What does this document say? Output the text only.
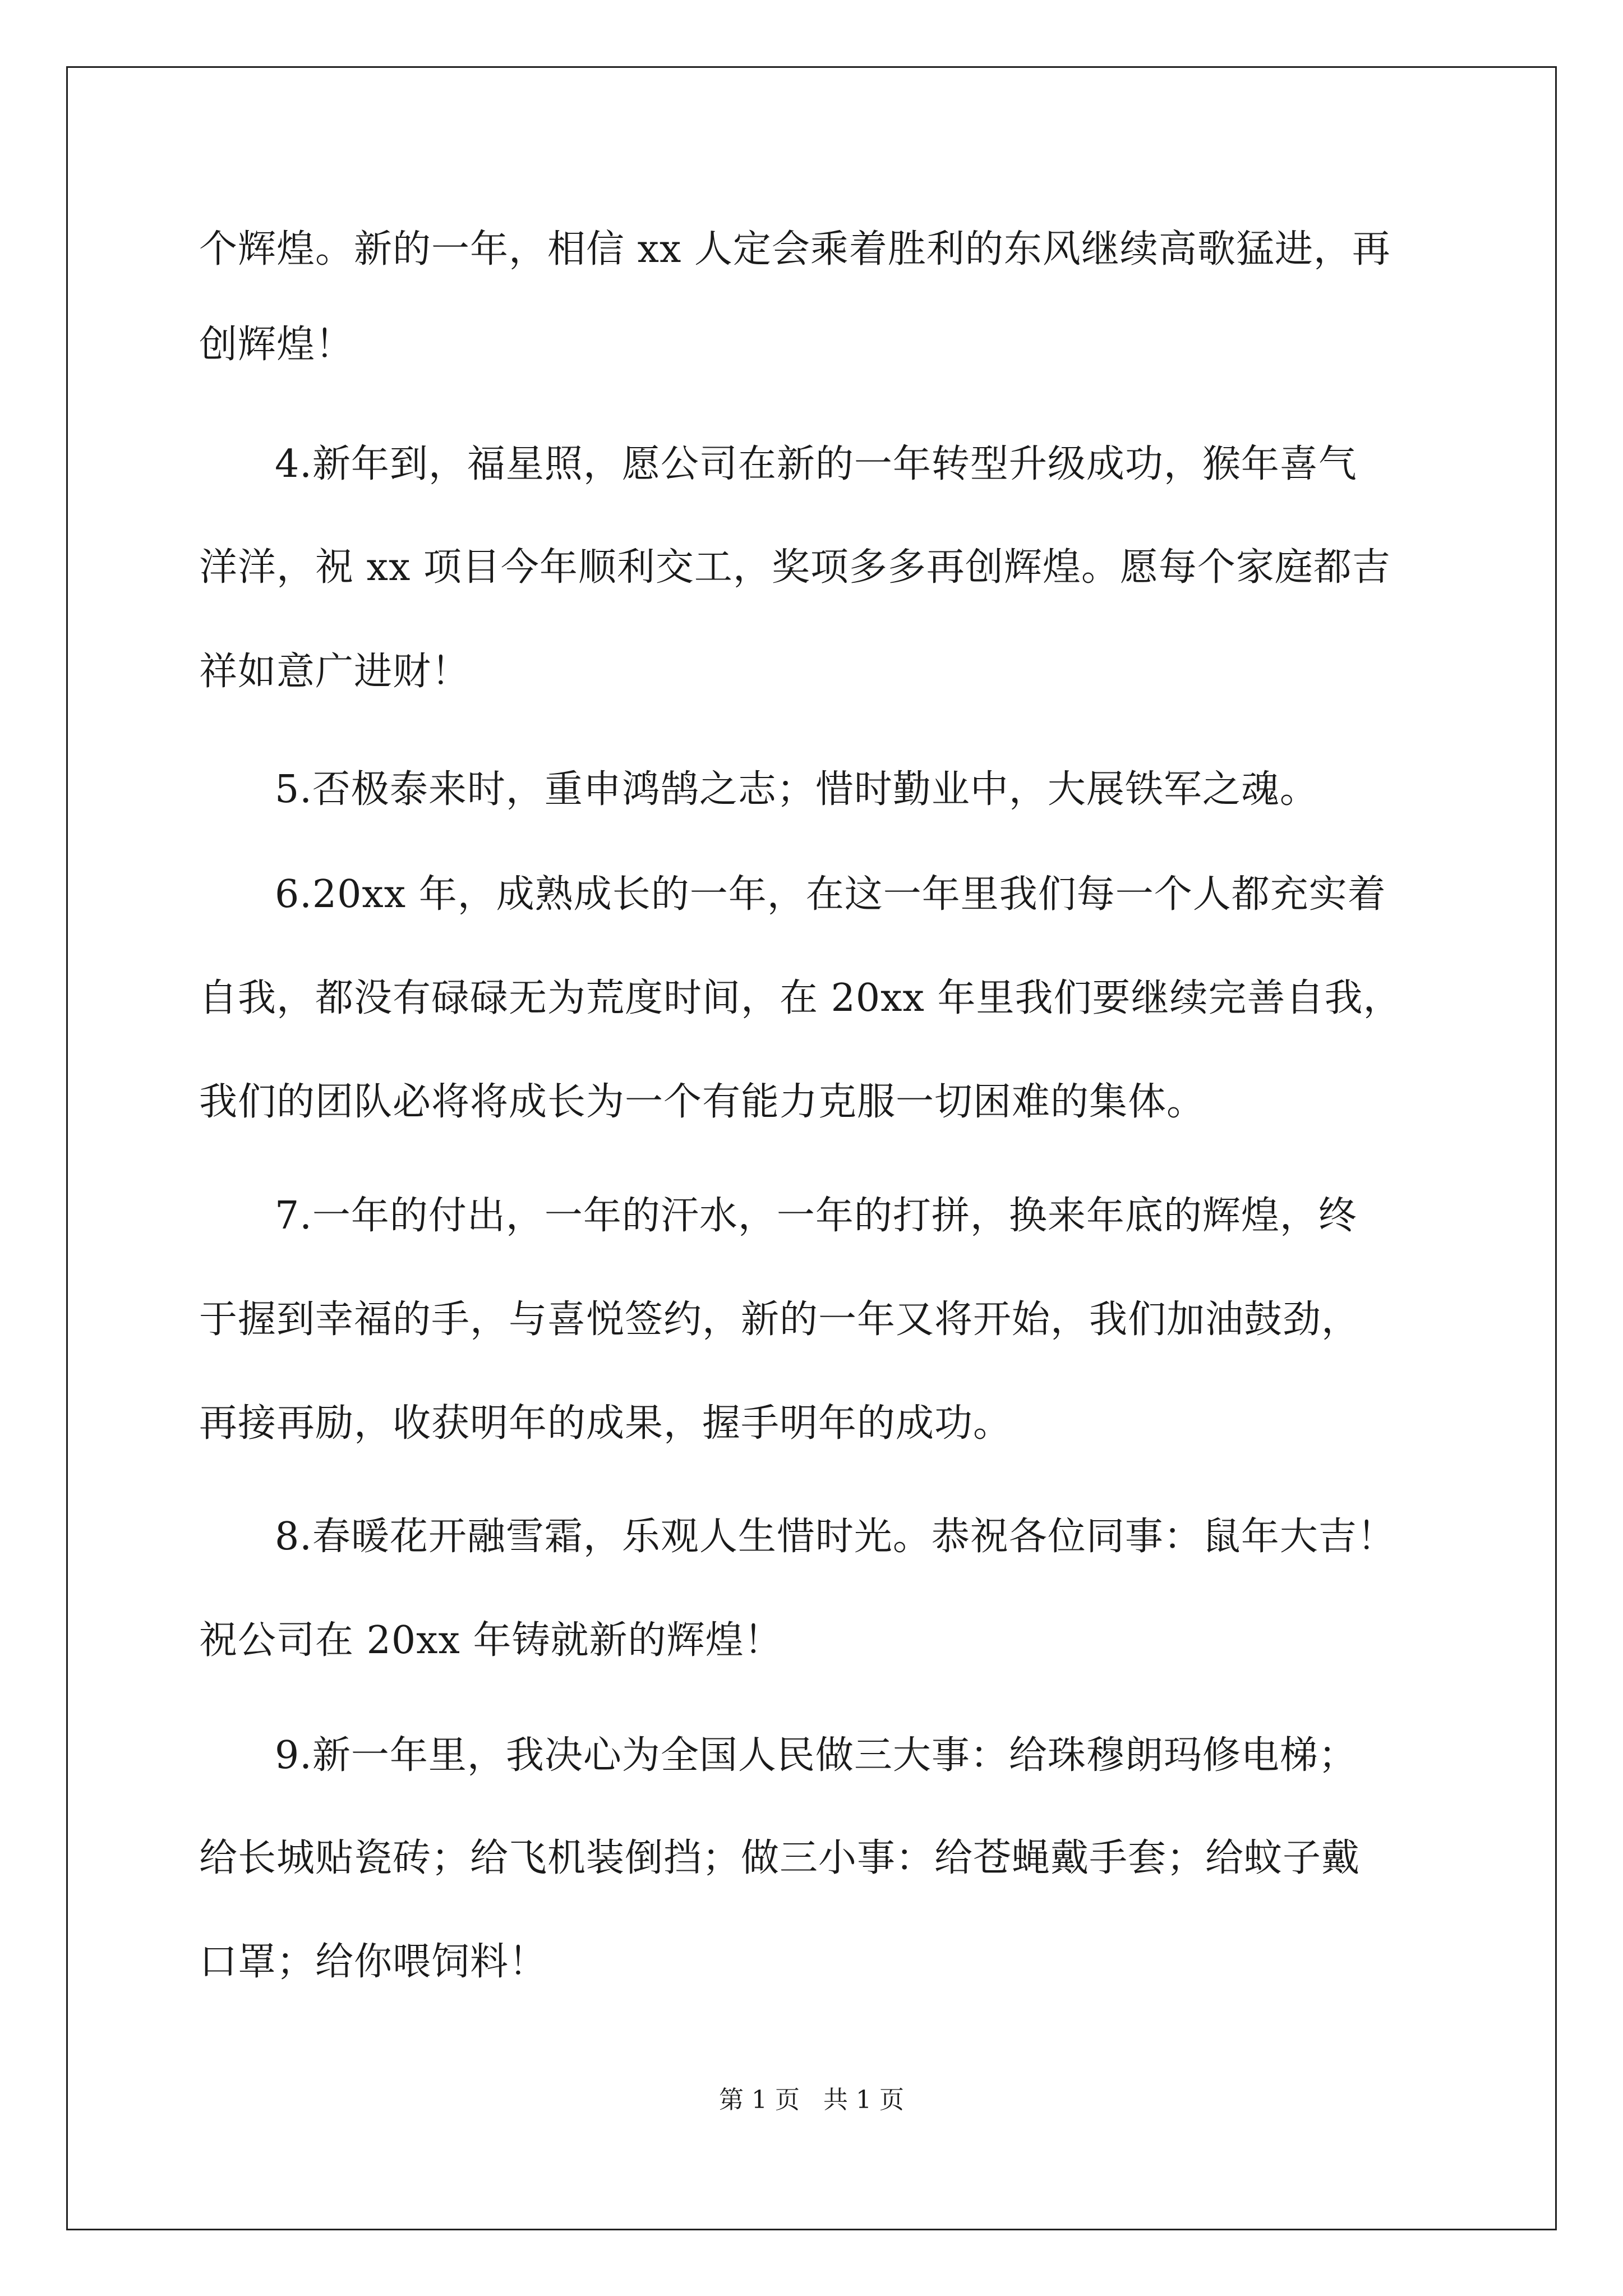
个辉煌。新的一年，相信 xx 人定会乘着胜利的东风继续高歌猛进，再
创辉煌！
4.新年到，福星照，愿公司在新的一年转型升级成功，猴年喜气
洋洋，祝 xx 项目今年顺利交工，奖项多多再创辉煌。愿每个家庭都吉
祥如意广进财！
5.否极泰来时，重申鸿鹄之志；惜时勤业中，大展铁军之魂。
6.20xx 年，成熟成长的一年，在这一年里我们每一个人都充实着
自我，都没有碌碌无为荒度时间，在 20xx 年里我们要继续完善自我，
我们的团队必将将成长为一个有能力克服一切困难的集体。
7.一年的付出，一年的汗水，一年的打拼，换来年底的辉煌，终
于握到幸福的手，与喜悦签约，新的一年又将开始，我们加油鼓劲，
再接再励，收获明年的成果，握手明年的成功。
8.春暖花开融雪霜，乐观人生惜时光。恭祝各位同事：鼠年大吉！
祝公司在 20xx 年铸就新的辉煌！
9.新一年里，我决心为全国人民做三大事：给珠穆朗玛修电梯；
给长城贴瓷砖；给飞机装倒挡；做三小事：给苍蝇戴手套；给蚊子戴
口罩；给你喂饲料！
第 1 页   共 1 页
